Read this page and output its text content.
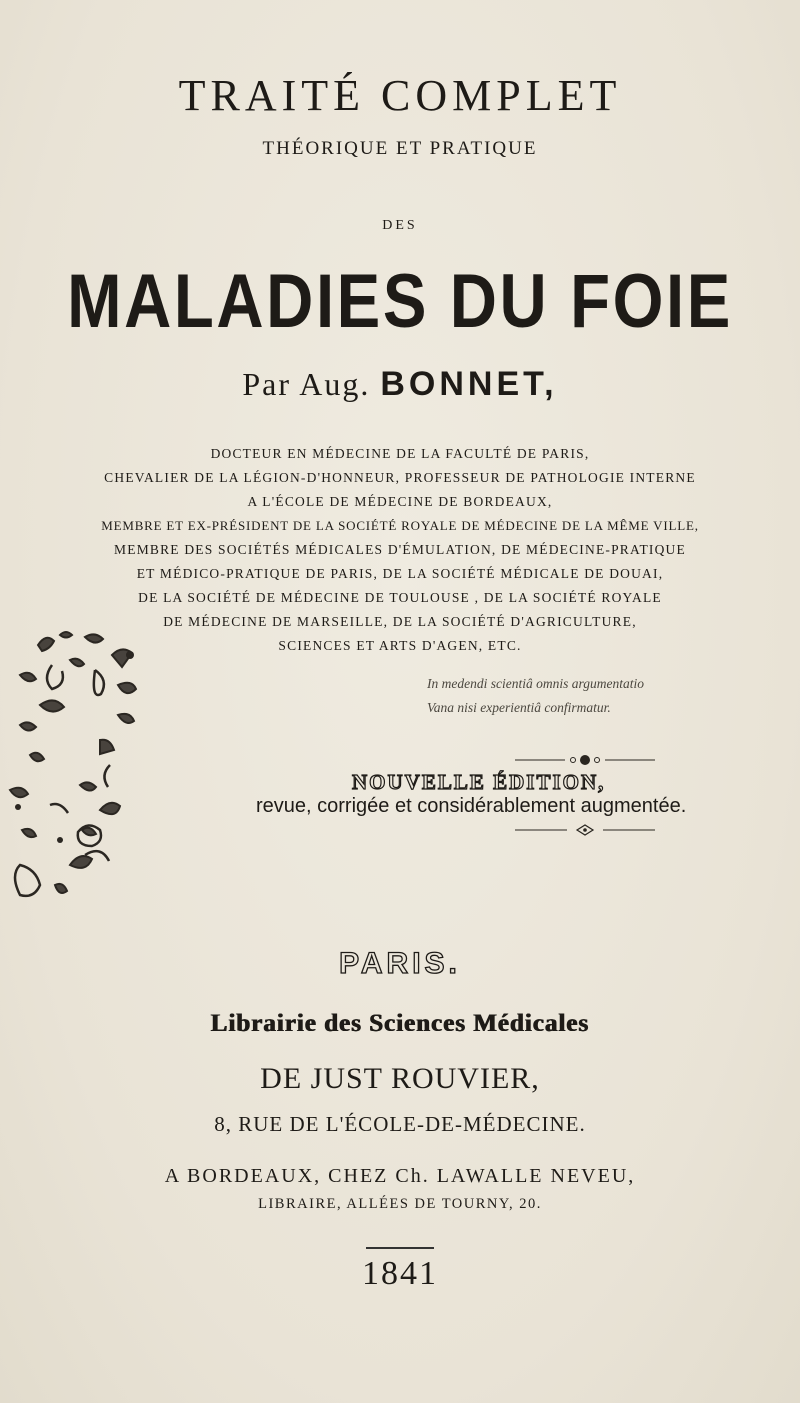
TRAITÉ COMPLET
THÉORIQUE ET PRATIQUE
DES
MALADIES DU FOIE
Par Aug. BONNET,
DOCTEUR EN MÉDECINE DE LA FACULTÉ DE PARIS,
CHEVALIER DE LA LÉGION-D'HONNEUR, PROFESSEUR DE PATHOLOGIE INTERNE
A L'ÉCOLE DE MÉDECINE DE BORDEAUX,
MEMBRE ET EX-PRÉSIDENT DE LA SOCIÉTÉ ROYALE DE MÉDECINE DE LA MÊME VILLE,
MEMBRE DES SOCIÉTÉS MÉDICALES D'ÉMULATION, DE MÉDECINE-PRATIQUE
ET MÉDICO-PRATIQUE DE PARIS, DE LA SOCIÉTÉ MÉDICALE DE DOUAI,
DE LA SOCIÉTÉ DE MÉDECINE DE TOULOUSE , DE LA SOCIÉTÉ ROYALE
DE MÉDECINE DE MARSEILLE, DE LA SOCIÉTÉ D'AGRICULTURE,
SCIENCES ET ARTS D'AGEN, ETC.
In medendi scientiâ omnis argumentatio
Vana nisi experientiâ confirmatur.
NOUVELLE ÉDITION,
revue, corrigée et considérablement augmentée.
PARIS.
Librairie des Sciences Médicales
DE JUST ROUVIER,
8, RUE DE L'ÉCOLE-DE-MÉDECINE.
A BORDEAUX, CHEZ Ch. LAWALLE NEVEU,
LIBRAIRE, ALLÉES DE TOURNY, 20.
1841
